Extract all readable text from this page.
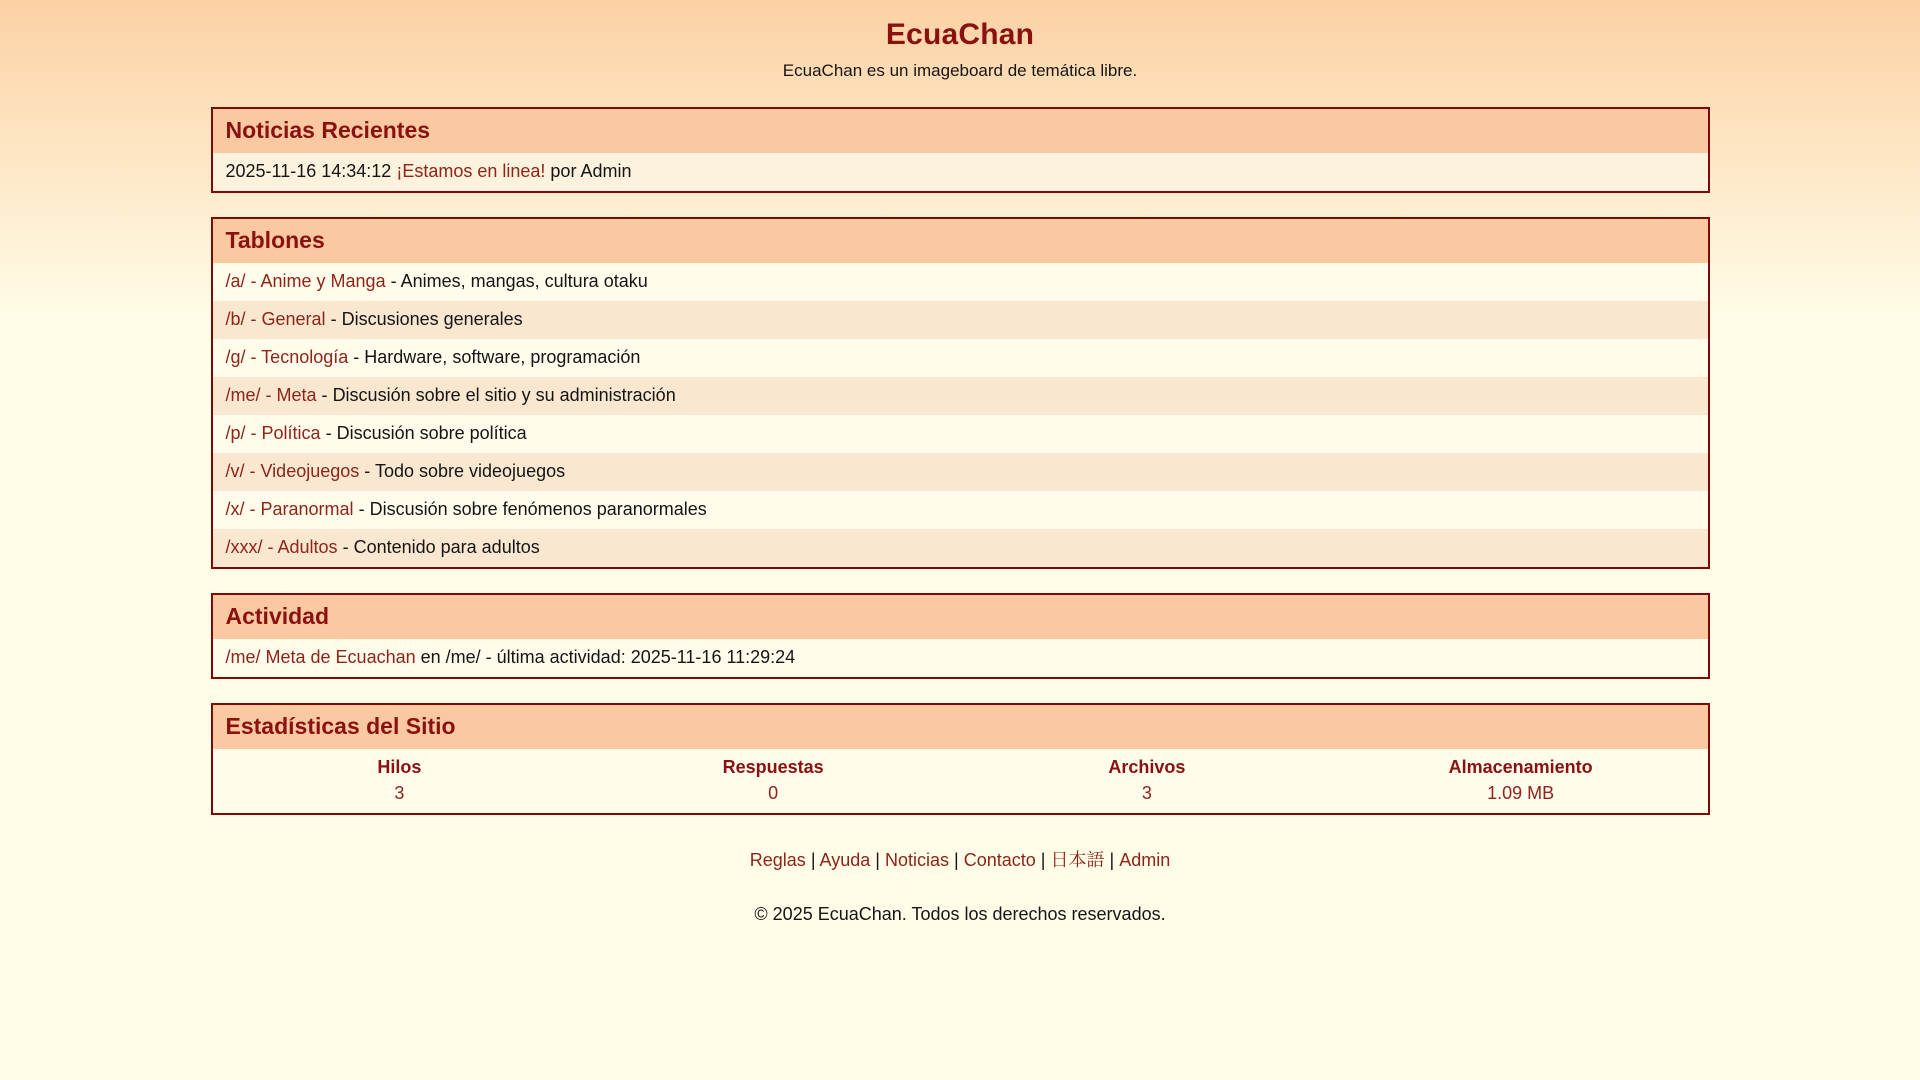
EcuaChan

EcuaChan es un imageboard de temática libre.

Noticias Recientes
2025-11-16 14:34:12 ¡Estamos en linea! por Admin
Tablones
/a/ - Anime y Manga - Animes, mangas, cultura otaku
/b/ - General - Discusiones generales
/g/ - Tecnología - Hardware, software, programación
/me/ - Meta - Discusión sobre el sitio y su administración
/p/ - Política - Discusión sobre política
/v/ - Videojuegos - Todo sobre videojuegos
/x/ - Paranormal - Discusión sobre fenómenos paranormales
/xxx/ - Adultos - Contenido para adultos
Actividad
/me/ Meta de Ecuachan en /me/ - última actividad: 2025-11-16 11:29:24
Estadísticas del Sitio
Hilos
3
Respuestas
0
Archivos
3
Almacenamiento
1.09 MB
Reglas | Ayuda | Noticias | Contacto | 日本語 | Admin

© 2025 EcuaChan. Todos los derechos reservados.
